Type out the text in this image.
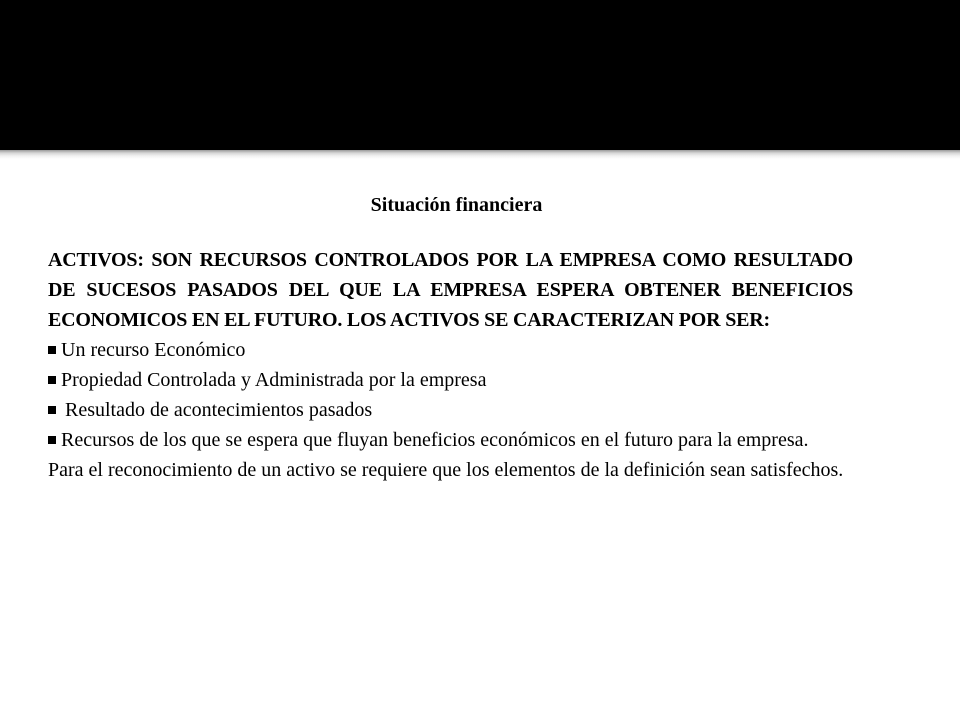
Situación financiera

ACTIVOS: SON RECURSOS CONTROLADOS POR LA EMPRESA COMO RESULTADO DE SUCESOS PASADOS DEL QUE LA EMPRESA ESPERA OBTENER BENEFICIOS ECONOMICOS EN EL FUTURO. LOS ACTIVOS SE CARACTERIZAN POR SER:

Un recurso Económico
Propiedad Controlada y Administrada por la empresa
Resultado de acontecimientos pasados
Recursos de los que se espera que fluyan beneficios económicos en el futuro para la empresa.

Para el reconocimiento de un activo se requiere que los elementos de la definición sean satisfechos.
